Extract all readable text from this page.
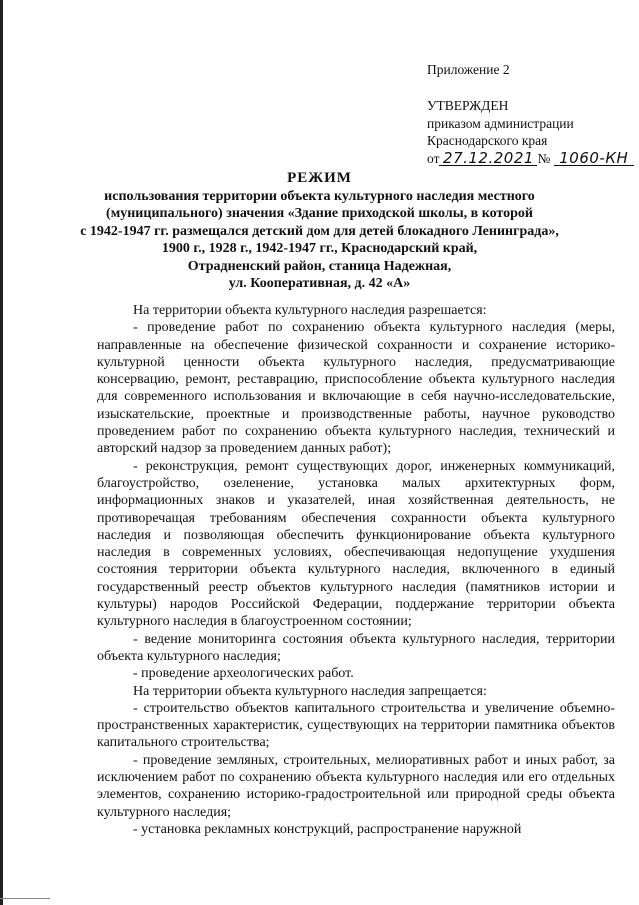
Приложение 2
УТВЕРЖДЕН
приказом администрации
Краснодарского края
от 27.12.2021 № 1060-КН
РЕЖИМ
использования территории объекта культурного наследия местного
(муниципального) значения «Здание приходской школы, в которой
с 1942-1947 гг. размещался детский дом для детей блокадного Ленинграда»,
1900 г., 1928 г., 1942-1947 гг., Краснодарский край,
Отрадненский район, станица Надежная,
ул. Кооперативная, д. 42 «А»

На территории объекта культурного наследия разрешается:

- проведение работ по сохранению объекта культурного наследия (меры, направленные на обеспечение физической сохранности и сохранение историко-культурной ценности объекта культурного наследия, предусматривающие консервацию, ремонт, реставрацию, приспособление объекта культурного наследия для современного использования и включающие в себя научно-исследовательские, изыскательские, проектные и производственные работы, научное руководство проведением работ по сохранению объекта культурного наследия, технический и авторский надзор за проведением данных работ);

- реконструкция, ремонт существующих дорог, инженерных коммуникаций, благоустройство, озеленение, установка малых архитектурных форм, информационных знаков и указателей, иная хозяйственная деятельность, не противоречащая требованиям обеспечения сохранности объекта культурного наследия и позволяющая обеспечить функционирование объекта культурного наследия в современных условиях, обеспечивающая недопущение ухудшения состояния территории объекта культурного наследия, включенного в единый государственный реестр объектов культурного наследия (памятников истории и культуры) народов Российской Федерации, поддержание территории объекта культурного наследия в благоустроенном состоянии;

- ведение мониторинга состояния объекта культурного наследия, территории объекта культурного наследия;

- проведение археологических работ.

На территории объекта культурного наследия запрещается:

- строительство объектов капитального строительства и увеличение объемно-пространственных характеристик, существующих на территории памятника объектов капитального строительства;

- проведение земляных, строительных, мелиоративных работ и иных работ, за исключением работ по сохранению объекта культурного наследия или его отдельных элементов, сохранению историко-градостроительной или природной среды объекта культурного наследия;

- установка рекламных конструкций, распространение наружной
